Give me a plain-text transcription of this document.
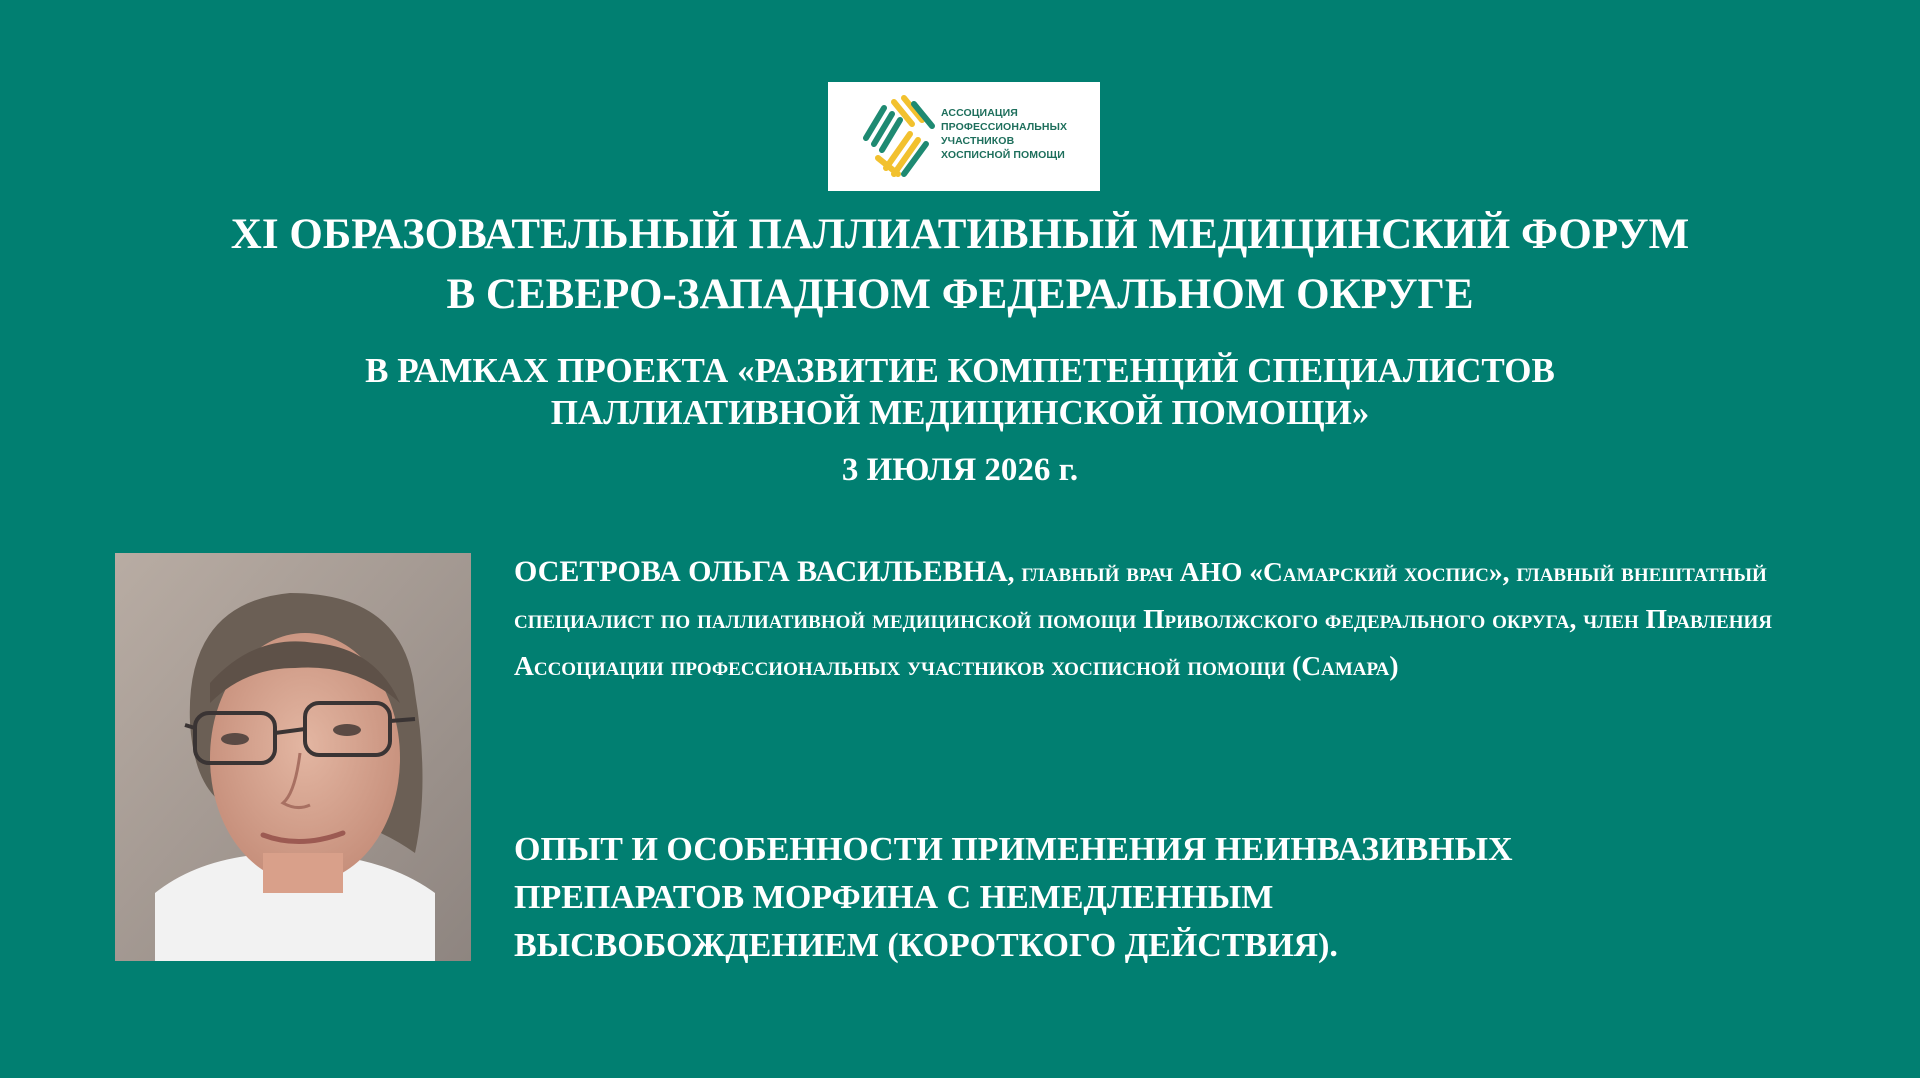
АССОЦИАЦИЯ
ПРОФЕССИОНАЛЬНЫХ
УЧАСТНИКОВ
ХОСПИСНОЙ ПОМОЩИ
XI ОБРАЗОВАТЕЛЬНЫЙ ПАЛЛИАТИВНЫЙ МЕДИЦИНСКИЙ ФОРУМ
В СЕВЕРО-ЗАПАДНОМ ФЕДЕРАЛЬНОМ ОКРУГЕ
В РАМКАХ ПРОЕКТА «РАЗВИТИЕ КОМПЕТЕНЦИЙ СПЕЦИАЛИСТОВ
ПАЛЛИАТИВНОЙ МЕДИЦИНСКОЙ ПОМОЩИ»
3 ИЮЛЯ 2026 г.
ОСЕТРОВА ОЛЬГА ВАСИЛЬЕВНА, главный врач АНО «Самарский хоспис», главный внештатный специалист по паллиативной медицинской помощи Приволжского федерального округа, член Правления Ассоциации профессиональных участников хосписной помощи (Самара)
ОПЫТ И ОСОБЕННОСТИ ПРИМЕНЕНИЯ НЕИНВАЗИВНЫХ
ПРЕПАРАТОВ МОРФИНА С НЕМЕДЛЕННЫМ
ВЫСВОБОЖДЕНИЕМ (КОРОТКОГО ДЕЙСТВИЯ).
